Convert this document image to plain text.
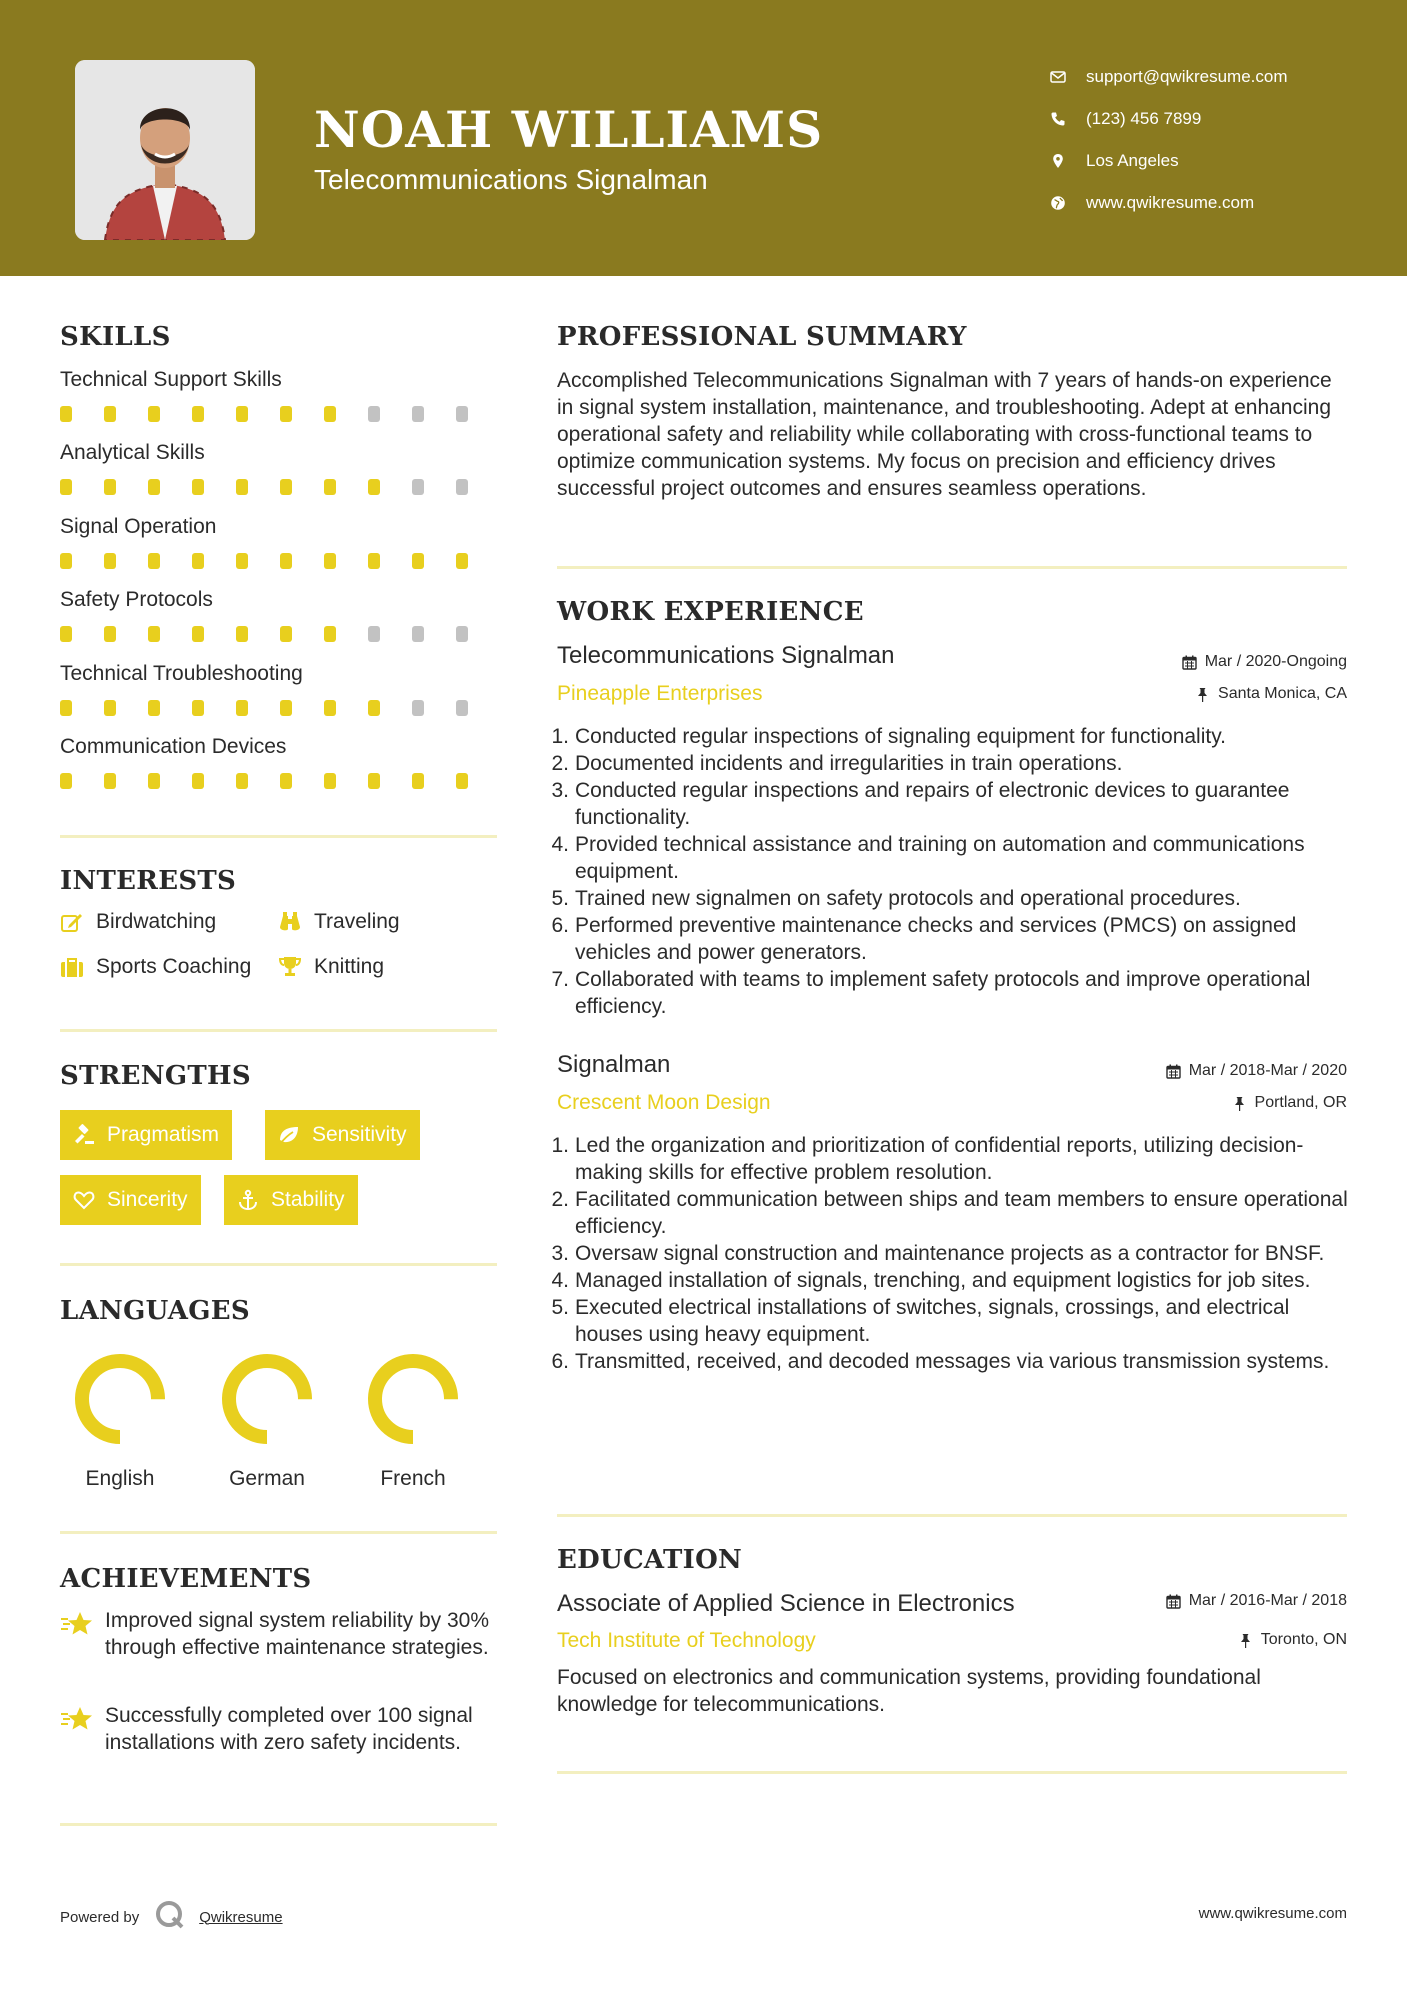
NOAH WILLIAMS
Telecommunications Signalman
support@qwikresume.com
(123) 456 7899
Los Angeles
www.qwikresume.com
SKILLS
Technical Support Skills
Analytical Skills
Signal Operation
Safety Protocols
Technical Troubleshooting
Communication Devices
INTERESTS
Birdwatching	Traveling
Sports Coaching	Knitting
STRENGTHS
Pragmatism	Sensitivity
Sincerity	Stability
LANGUAGES
English	German	French
ACHIEVEMENTS
Improved signal system reliability by 30% through effective maintenance strategies.
Successfully completed over 100 signal installations with zero safety incidents.
PROFESSIONAL SUMMARY
Accomplished Telecommunications Signalman with 7 years of hands-on experience in signal system installation, maintenance, and troubleshooting. Adept at enhancing operational safety and reliability while collaborating with cross-functional teams to optimize communication systems. My focus on precision and efficiency drives successful project outcomes and ensures seamless operations.
WORK EXPERIENCE
Telecommunications Signalman
Pineapple Enterprises
Mar / 2020-Ongoing
Santa Monica, CA
1. Conducted regular inspections of signaling equipment for functionality.
2. Documented incidents and irregularities in train operations.
3. Conducted regular inspections and repairs of electronic devices to guarantee functionality.
4. Provided technical assistance and training on automation and communications equipment.
5. Trained new signalmen on safety protocols and operational procedures.
6. Performed preventive maintenance checks and services (PMCS) on assigned vehicles and power generators.
7. Collaborated with teams to implement safety protocols and improve operational efficiency.
Signalman
Crescent Moon Design
Mar / 2018-Mar / 2020
Portland, OR
1. Led the organization and prioritization of confidential reports, utilizing decision-making skills for effective problem resolution.
2. Facilitated communication between ships and team members to ensure operational efficiency.
3. Oversaw signal construction and maintenance projects as a contractor for BNSF.
4. Managed installation of signals, trenching, and equipment logistics for job sites.
5. Executed electrical installations of switches, signals, crossings, and electrical houses using heavy equipment.
6. Transmitted, received, and decoded messages via various transmission systems.
EDUCATION
Associate of Applied Science in Electronics
Tech Institute of Technology
Mar / 2016-Mar / 2018
Toronto, ON
Focused on electronics and communication systems, providing foundational knowledge for telecommunications.
Powered by	Qwikresume	www.qwikresume.com
